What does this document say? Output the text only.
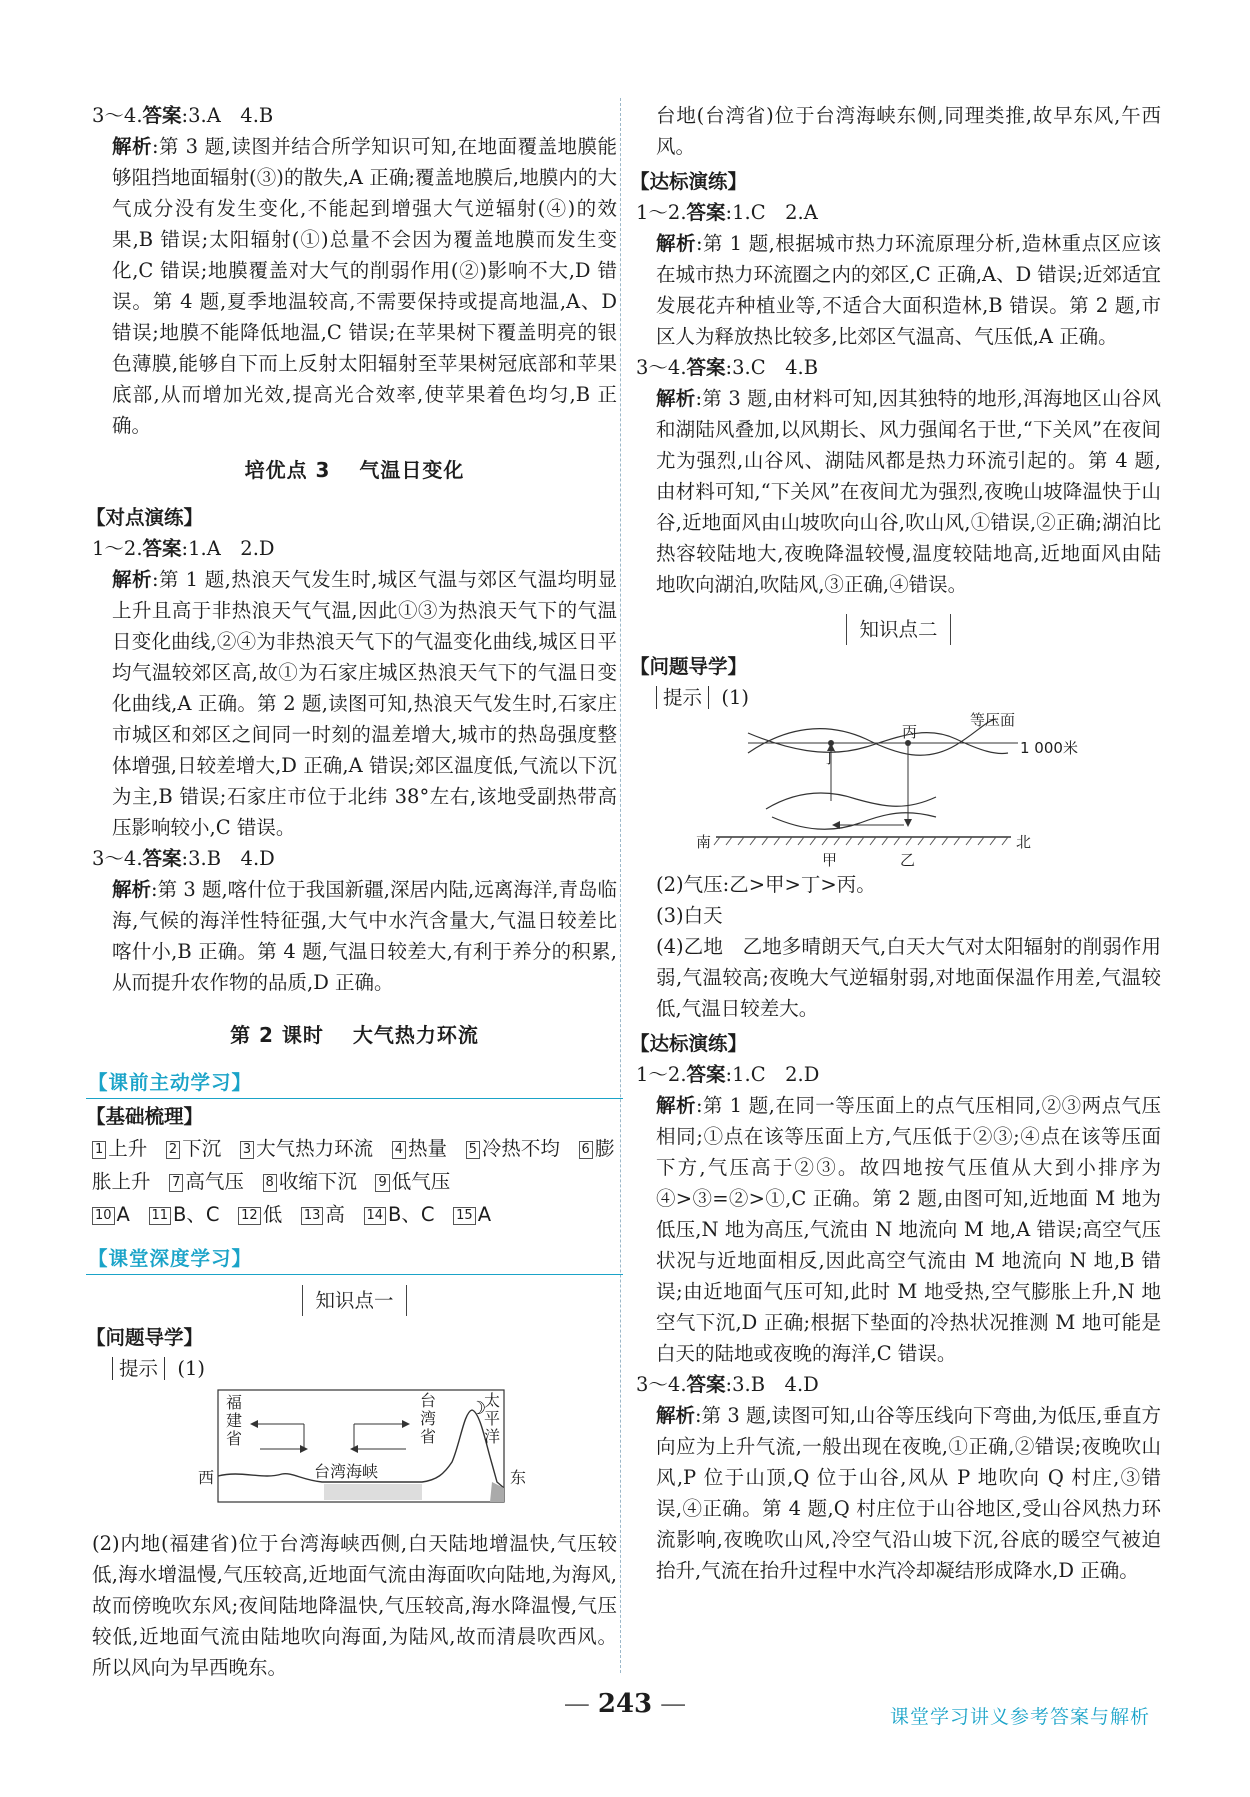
3～4.答案:3.A　4.B

解析:第 3 题,读图并结合所学知识可知,在地面覆盖地膜能够阻挡地面辐射(③)的散失,A 正确;覆盖地膜后,地膜内的大气成分没有发生变化,不能起到增强大气逆辐射(④)的效果,B 错误;太阳辐射(①)总量不会因为覆盖地膜而发生变化,C 错误;地膜覆盖对大气的削弱作用(②)影响不大,D 错误。第 4 题,夏季地温较高,不需要保持或提高地温,A、D 错误;地膜不能降低地温,C 错误;在苹果树下覆盖明亮的银色薄膜,能够自下而上反射太阳辐射至苹果树冠底部和苹果底部,从而增加光效,提高光合效率,使苹果着色均匀,B 正确。

培优点 3　 气温日变化
【对点演练】

1～2.答案:1.A　2.D

解析:第 1 题,热浪天气发生时,城区气温与郊区气温均明显上升且高于非热浪天气气温,因此①③为热浪天气下的气温日变化曲线,②④为非热浪天气下的气温变化曲线,城区日平均气温较郊区高,故①为石家庄城区热浪天气下的气温日变化曲线,A 正确。第 2 题,读图可知,热浪天气发生时,石家庄市城区和郊区之间同一时刻的温差增大,城市的热岛强度整体增强,日较差增大,D 正确,A 错误;郊区温度低,气流以下沉为主,B 错误;石家庄市位于北纬 38°左右,该地受副热带高压影响较小,C 错误。

3～4.答案:3.B　4.D

解析:第 3 题,喀什位于我国新疆,深居内陆,远离海洋,青岛临海,气候的海洋性特征强,大气中水汽含量大,气温日较差比喀什小,B 正确。第 4 题,气温日较差大,有利于养分的积累,从而提升农作物的品质,D 正确。

第 2 课时　 大气热力环流
【课前主动学习】
【基础梳理】
1 上升 2 下沉 3 大气热力环流 4 热量 5 冷热不均 6 膨胀上升 7 高气压 8 收缩下沉 9 低气压
10 A 11 B、C 12 低 13 高 14 B、C 15 A
【课堂深度学习】
知识点一
【问题导学】
提示 (1)
☽
福建省
台湾省
太平洋
台湾海峡
西	东

(2)内地(福建省)位于台湾海峡西侧,白天陆地增温快,气压较低,海水增温慢,气压较高,近地面气流由海面吹向陆地,为海风,故而傍晚吹东风;夜间陆地降温快,气压较高,海水降温慢,气压较低,近地面气流由陆地吹向海面,为陆风,故而清晨吹西风。所以风向为早西晚东。

台地(台湾省)位于台湾海峡东侧,同理类推,故早东风,午西风。

【达标演练】

1～2.答案:1.C　2.A

解析:第 1 题,根据城市热力环流原理分析,造林重点区应该在城市热力环流圈之内的郊区,C 正确,A、D 错误;近郊适宜发展花卉种植业等,不适合大面积造林,B 错误。第 2 题,市区人为释放热比较多,比郊区气温高、气压低,A 正确。

3～4.答案:3.C　4.B

解析:第 3 题,由材料可知,因其独特的地形,洱海地区山谷风和湖陆风叠加,以风期长、风力强闻名于世,“下关风”在夜间尤为强烈,山谷风、湖陆风都是热力环流引起的。第 4 题,由材料可知,“下关风”在夜间尤为强烈,夜晚山坡降温快于山谷,近地面风由山坡吹向山谷,吹山风,①错误,②正确;湖泊比热容较陆地大,夜晚降温较慢,温度较陆地高,近地面风由陆地吹向湖泊,吹陆风,③正确,④错误。

知识点二
【问题导学】
提示 (1)
丙
丁
等压面
1 000米
南	北
甲	乙

(2)气压:乙>甲>丁>丙。

(3)白天

(4)乙地　乙地多晴朗天气,白天大气对太阳辐射的削弱作用弱,气温较高;夜晚大气逆辐射弱,对地面保温作用差,气温较低,气温日较差大。

【达标演练】

1～2.答案:1.C　2.D

解析:第 1 题,在同一等压面上的点气压相同,②③两点气压相同;①点在该等压面上方,气压低于②③;④点在该等压面下方,气压高于②③。故四地按气压值从大到小排序为④>③=②>①,C 正确。第 2 题,由图可知,近地面 M 地为低压,N 地为高压,气流由 N 地流向 M 地,A 错误;高空气压状况与近地面相反,因此高空气流由 M 地流向 N 地,B 错误;由近地面气压可知,此时 M 地受热,空气膨胀上升,N 地空气下沉,D 正确;根据下垫面的冷热状况推测 M 地可能是白天的陆地或夜晚的海洋,C 错误。

3～4.答案:3.B　4.D

解析:第 3 题,读图可知,山谷等压线向下弯曲,为低压,垂直方向应为上升气流,一般出现在夜晚,①正确,②错误;夜晚吹山风,P 位于山顶,Q 位于山谷,风从 P 地吹向 Q 村庄,③错误,④正确。第 4 题,Q 村庄位于山谷地区,受山谷风热力环流影响,夜晚吹山风,冷空气沿山坡下沉,谷底的暖空气被迫抬升,气流在抬升过程中水汽冷却凝结形成降水,D 正确。

— 243 —	课堂学习讲义参考答案与解析
